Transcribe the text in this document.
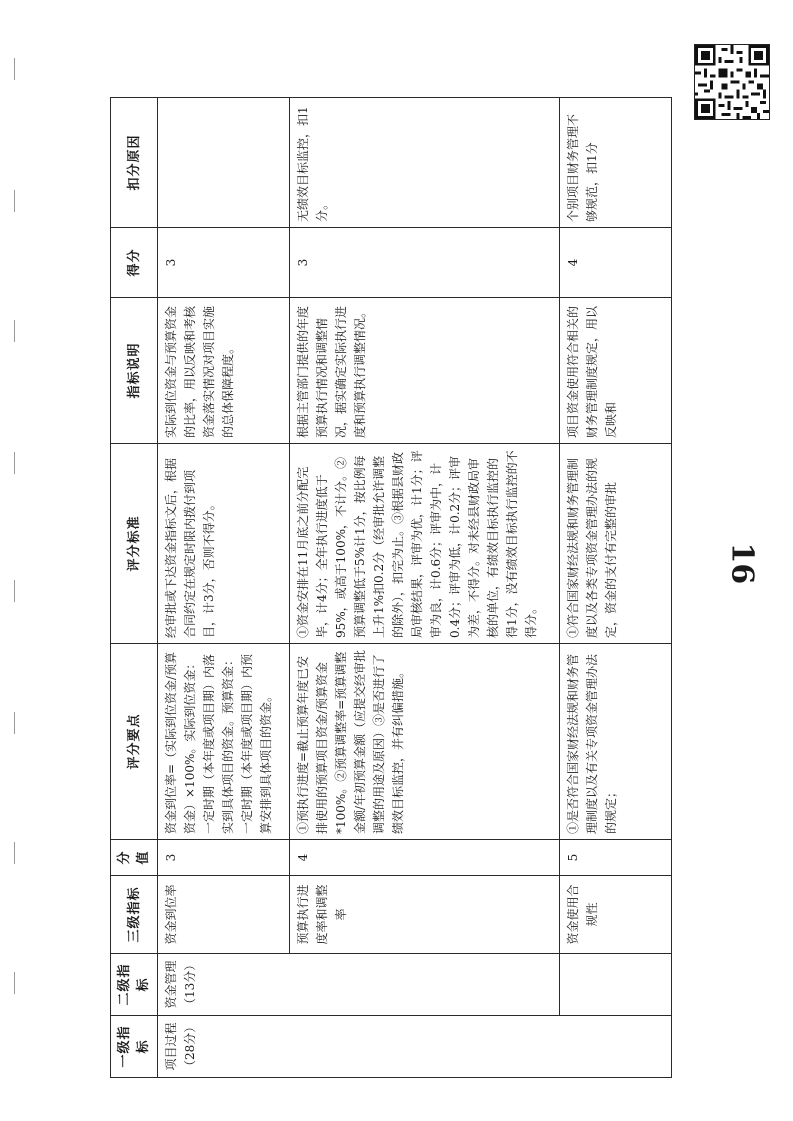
16
一级指标	二级指标	三级指标	分值	评分要点	评分标准	指标说明	得分	扣分原因

项目过程（28分）	资金管理（13分）	资金到位率	3	资金到位率=（实际到位资金/预算资金）×100%。实际到位资金：一定时期（本年度或项目期）内落实到具体项目的资金。预算资金：一定时期（本年度或项目期）内预算安排到具体项目的资金。	经审批或下达资金指标文后，根据合同约定在规定时限内拨付到项目，计3分，否则不得分。	实际到位资金与预算资金的比率，用以反映和考核资金落实情况对项目实施的总体保障程度。	3	
		预算执行进度率和调整率	4	①预执行进度=截止预算年度已安排使用的预算项目资金/预算资金*100%。②预算调整率=预算调整金额/年初预算金额（应提交经审批调整的用途及原因）③是否进行了绩效目标监控，并有纠偏措施。	①资金安排在11月底之前分配完毕，计4分；全年执行进度低于95%，或高于100%，不计分。②预算调整低于5%计1分，按比例每上升1%扣0.2分（经审批允许调整的除外），扣完为止。③根据县财政局审核结果，评审为优，计1分；评审为良，计0.6分；评审为中，计0.4分；评审为低，计0.2分；评审为差，不得分。对未经县财政局审核的单位，有绩效目标执行监控的得1分，没有绩效目标执行监控的不得分。	根据主管部门提供的年度预算执行情况和调整情况，据实确定实际执行进度和预算执行调整情况。	3	无绩效目标监控，扣1分。
		资金使用合规性	5	①是否符合国家财经法规和财务管理制度以及有关专项资金管理办法的规定；	①符合国家财经法规和财务管理制度以及各类专项资金管理办法的规定，资金的支付有完整的审批	项目资金使用符合相关的财务管理制度规定，用以反映和	4	个别项目财务管理不够规范，扣1分
